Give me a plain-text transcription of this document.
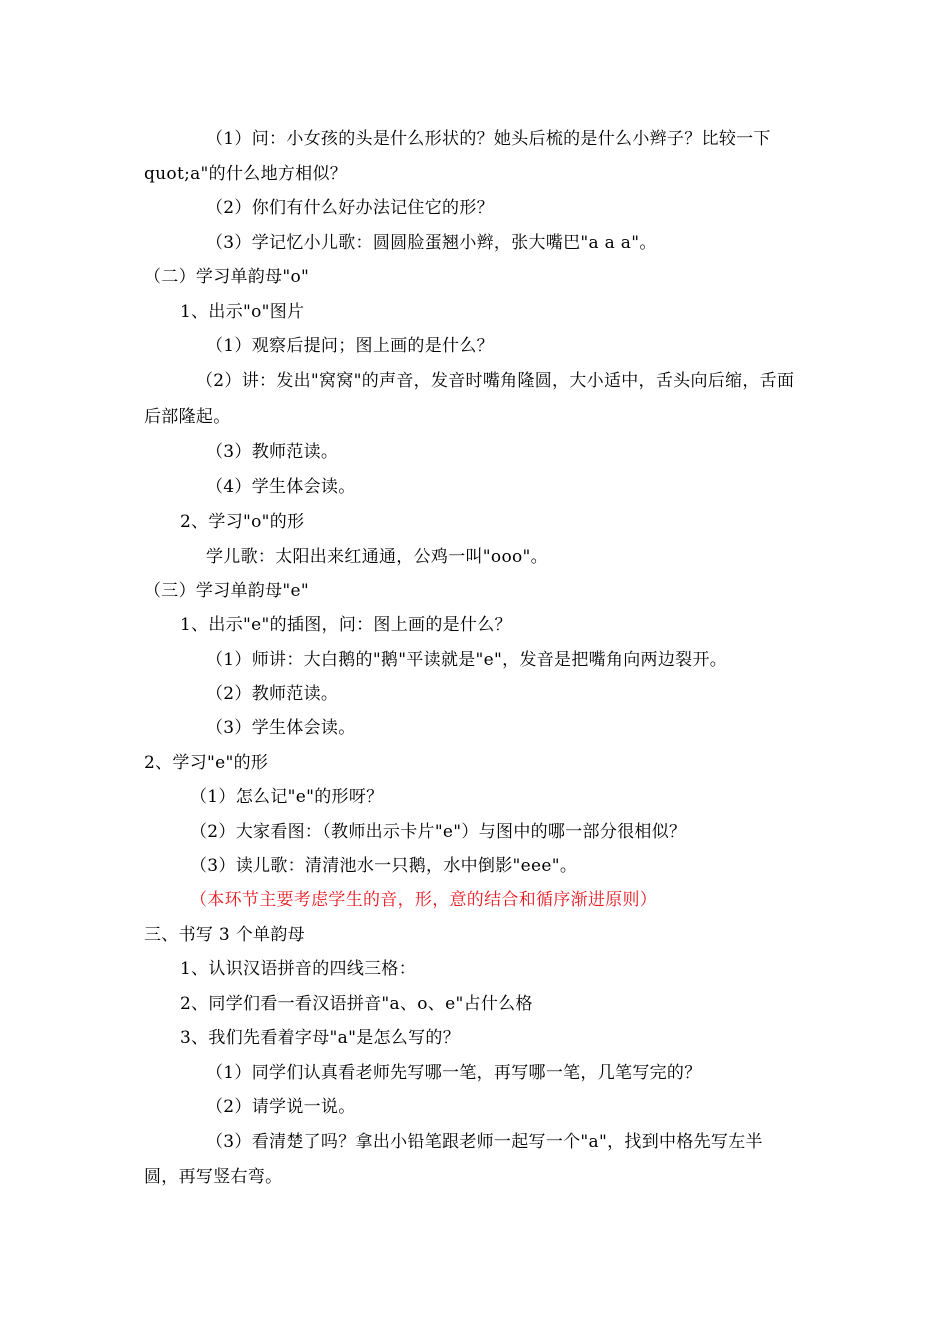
（1）问：小女孩的头是什么形状的？她头后梳的是什么小辫子？比较一下
quot;a"的什么地方相似？
（2）你们有什么好办法记住它的形？
（3）学记忆小儿歌：圆圆脸蛋翘小辫，张大嘴巴"a a a"。
（二）学习单韵母"o"
1、出示"o"图片
（1）观察后提问；图上画的是什么？
（2）讲：发出"窝窝"的声音，发音时嘴角隆圆，大小适中，舌头向后缩，舌面
后部隆起。
（3）教师范读。
（4）学生体会读。
2、学习"o"的形
学儿歌：太阳出来红通通，公鸡一叫"ooo"。
（三）学习单韵母"e"
1、出示"e"的插图，问：图上画的是什么？
（1）师讲：大白鹅的"鹅"平读就是"e"，发音是把嘴角向两边裂开。
（2）教师范读。
（3）学生体会读。
2、学习"e"的形
（1）怎么记"e"的形呀？
（2）大家看图：（教师出示卡片"e"）与图中的哪一部分很相似？
（3）读儿歌：清清池水一只鹅，水中倒影"eee"。
（本环节主要考虑学生的音，形，意的结合和循序渐进原则）
三、书写 3 个单韵母
1、认识汉语拼音的四线三格：
2、同学们看一看汉语拼音"a、o、e"占什么格
3、我们先看着字母"a"是怎么写的？
（1）同学们认真看老师先写哪一笔，再写哪一笔，几笔写完的？
（2）请学说一说。
（3）看清楚了吗？拿出小铅笔跟老师一起写一个"a"，找到中格先写左半
圆，再写竖右弯。
